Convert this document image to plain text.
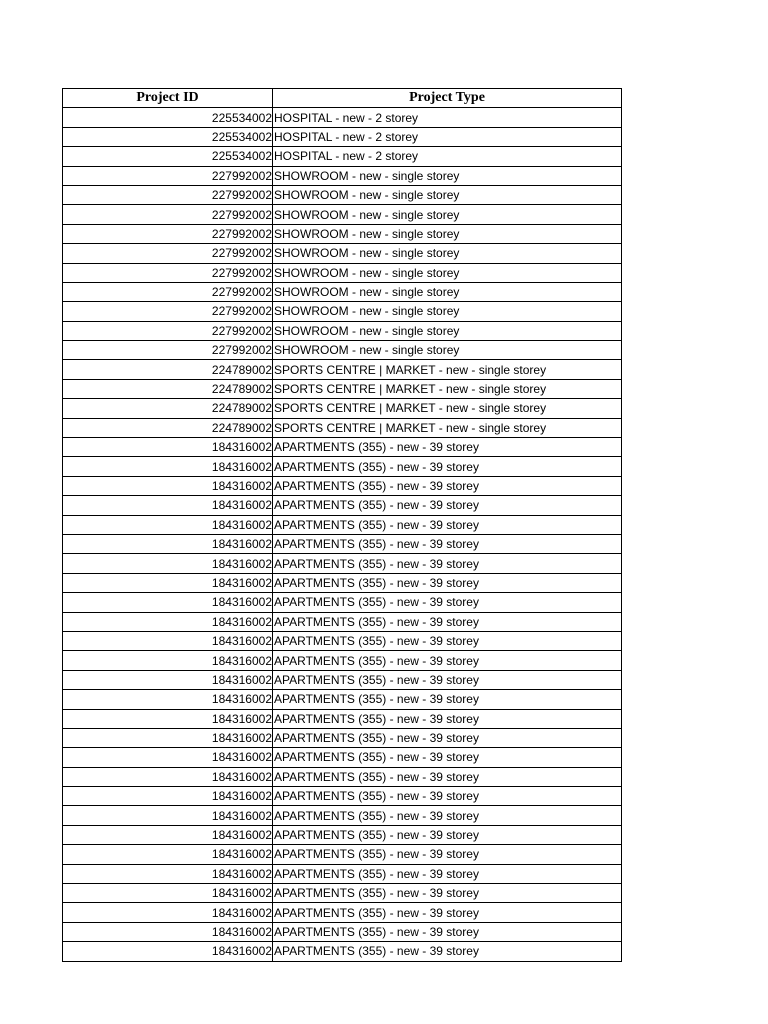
Project ID	Project Type
225534002	HOSPITAL - new - 2 storey
225534002	HOSPITAL - new - 2 storey
225534002	HOSPITAL - new - 2 storey
227992002	SHOWROOM - new - single storey
227992002	SHOWROOM - new - single storey
227992002	SHOWROOM - new - single storey
227992002	SHOWROOM - new - single storey
227992002	SHOWROOM - new - single storey
227992002	SHOWROOM - new - single storey
227992002	SHOWROOM - new - single storey
227992002	SHOWROOM - new - single storey
227992002	SHOWROOM - new - single storey
227992002	SHOWROOM - new - single storey
224789002	SPORTS CENTRE | MARKET - new - single storey
224789002	SPORTS CENTRE | MARKET - new - single storey
224789002	SPORTS CENTRE | MARKET - new - single storey
224789002	SPORTS CENTRE | MARKET - new - single storey
184316002	APARTMENTS (355) - new - 39 storey
184316002	APARTMENTS (355) - new - 39 storey
184316002	APARTMENTS (355) - new - 39 storey
184316002	APARTMENTS (355) - new - 39 storey
184316002	APARTMENTS (355) - new - 39 storey
184316002	APARTMENTS (355) - new - 39 storey
184316002	APARTMENTS (355) - new - 39 storey
184316002	APARTMENTS (355) - new - 39 storey
184316002	APARTMENTS (355) - new - 39 storey
184316002	APARTMENTS (355) - new - 39 storey
184316002	APARTMENTS (355) - new - 39 storey
184316002	APARTMENTS (355) - new - 39 storey
184316002	APARTMENTS (355) - new - 39 storey
184316002	APARTMENTS (355) - new - 39 storey
184316002	APARTMENTS (355) - new - 39 storey
184316002	APARTMENTS (355) - new - 39 storey
184316002	APARTMENTS (355) - new - 39 storey
184316002	APARTMENTS (355) - new - 39 storey
184316002	APARTMENTS (355) - new - 39 storey
184316002	APARTMENTS (355) - new - 39 storey
184316002	APARTMENTS (355) - new - 39 storey
184316002	APARTMENTS (355) - new - 39 storey
184316002	APARTMENTS (355) - new - 39 storey
184316002	APARTMENTS (355) - new - 39 storey
184316002	APARTMENTS (355) - new - 39 storey
184316002	APARTMENTS (355) - new - 39 storey
184316002	APARTMENTS (355) - new - 39 storey
